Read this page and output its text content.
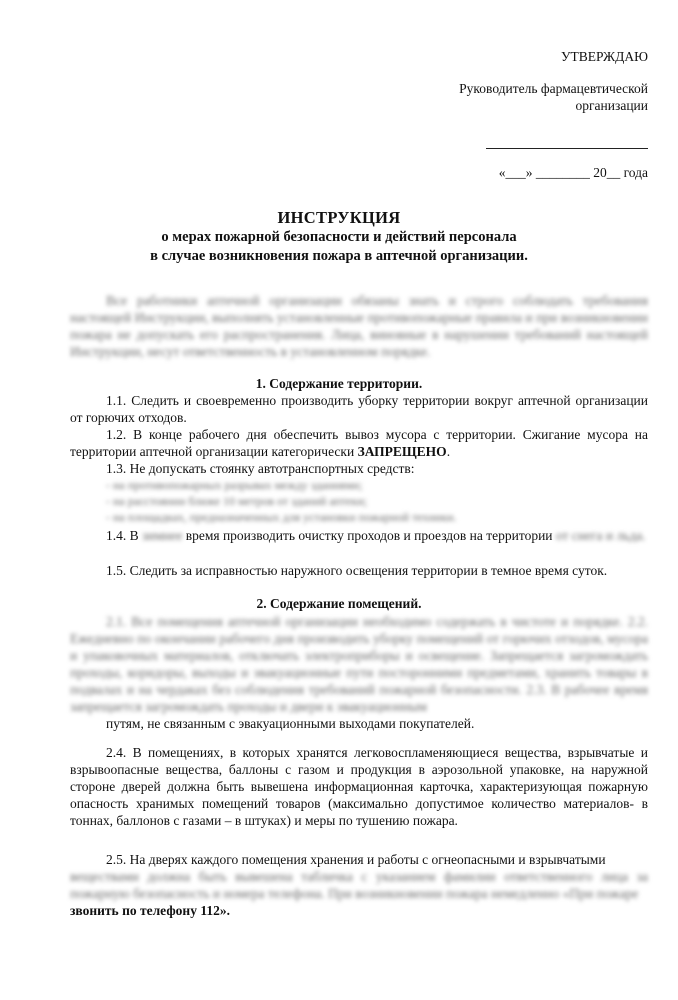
УТВЕРЖДАЮ
Руководитель фармацевтической
организации
«___» ________ 20__ года
ИНСТРУКЦИЯ
о мерах пожарной безопасности и действий персонала
в случае возникновения пожара в аптечной организации.
Все работники аптечной организации обязаны знать и строго соблюдать требования настоящей Инструкции, выполнять установленные противопожарные правила и при возникновении пожара не допускать его распространения. Лица, виновные в нарушении требований настоящей Инструкции, несут ответственность в установленном порядке.
1. Содержание территории.
1.1. Следить и своевременно производить уборку территории вокруг аптечной организации от горючих отходов.
1.2. В конце рабочего дня обеспечить вывоз мусора с территории. Сжигание мусора на территории аптечной организации категорически ЗАПРЕЩЕНО.
1.3. Не допускать стоянку автотранспортных средств:
- на противопожарных разрывах между зданиями;
- на расстоянии ближе 10 метров от зданий аптеки;
- на площадках, предназначенных для установки пожарной техники.
1.4. В зимнее время производить очистку проходов и проездов на территории от снега и льда.
1.5. Следить за исправностью наружного освещения территории в темное время суток.
2. Содержание помещений.
2.1. Все помещения аптечной организации необходимо содержать в чистоте и порядке. 2.2. Ежедневно по окончании рабочего дня производить уборку помещений от горючих отходов, мусора и упаковочных материалов, отключать электроприборы и освещение. Запрещается загромождать проходы, коридоры, выходы и эвакуационные пути посторонними предметами, хранить товары в подвалах и на чердаках без соблюдения требований пожарной безопасности. 2.3. В рабочее время запрещается загромождать проходы и двери к эвакуационным
путям, не связанным с эвакуационными выходами покупателей.
2.4. В помещениях, в которых хранятся легковоспламеняющиеся вещества, взрывчатые и взрывоопасные вещества, баллоны с газом и продукция в аэрозольной упаковке, на наружной стороне дверей должна быть вывешена информационная карточка, характеризующая пожарную опасность хранимых помещений товаров (максимально допустимое количество материалов- в тоннах, баллонов с газами – в штуках) и меры по тушению пожара.
2.5. На дверях каждого помещения хранения и работы с огнеопасными и взрывчатыми
веществами должна быть вывешена табличка с указанием фамилии ответственного лица за пожарную безопасность и номера телефона. При возникновении пожара немедленно «При пожаре
звонить по телефону 112».
